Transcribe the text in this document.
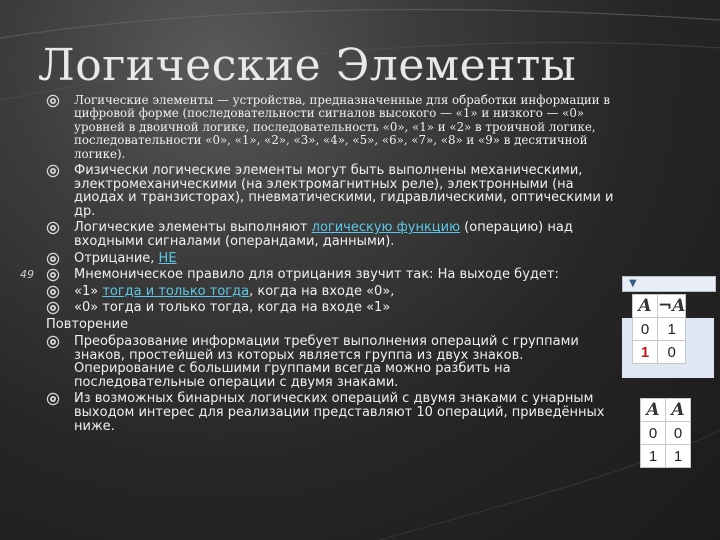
Логические Элементы
49
Логические элементы — устройства, предназначенные для обработки информации в цифровой форме (последовательности сигналов высокого — «1» и низкого — «0» уровней в двоичной логике, последовательность «0», «1» и «2» в троичной логике, последовательности «0», «1», «2», «3», «4», «5», «6», «7», «8» и «9» в десятичной логике).
Физически логические элементы могут быть выполнены механическими, электромеханическими (на электромагнитных реле), электронными (на диодах и транзисторах), пневматическими, гидравлическими, оптическими и др.
Логические элементы выполняют логическую функцию (операцию) над входными сигналами (операндами, данными).
Отрицание, НЕ
Мнемоническое правило для отрицания звучит так: На выходе будет:
«1» тогда и только тогда, когда на входе «0»,
«0» тогда и только тогда, когда на входе «1»
Повторение
Преобразование информации требует выполнения операций с группами знаков, простейшей из которых является группа из двух знаков. Оперирование с большими группами всегда можно разбить на последовательные операции с двумя знаками.
Из возможных бинарных логических операций с двумя знаками с унарным выходом интерес для реализации представляют 10 операций, приведённых ниже.
▼
A	¬A
0	1
1	0
A	A
0	0
1	1
